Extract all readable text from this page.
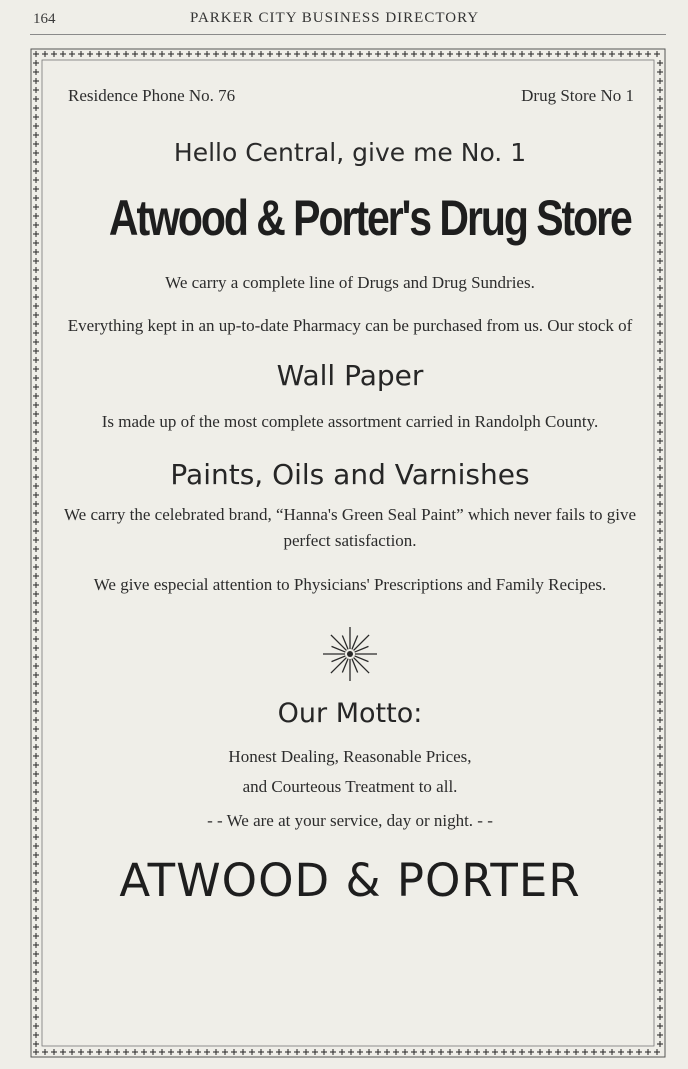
164	PARKER CITY BUSINESS DIRECTORY
Residence Phone No. 76	Drug Store No 1
Hello Central, give me No. 1
Atwood & Porter's Drug Store
We carry a complete line of Drugs and Drug Sundries.
Everything kept in an up-to-date Pharmacy can be purchased from us. Our stock of
Wall Paper
Is made up of the most complete assortment carried in Randolph County.
Paints, Oils and Varnishes
We carry the celebrated brand, “Hanna's Green Seal Paint” which never fails to give perfect satisfaction.
We give especial attention to Physicians' Prescriptions and Family Recipes.
Our Motto:
Honest Dealing, Reasonable Prices,
and Courteous Treatment to all.
- - We are at your service, day or night. - -
ATWOOD & PORTER
